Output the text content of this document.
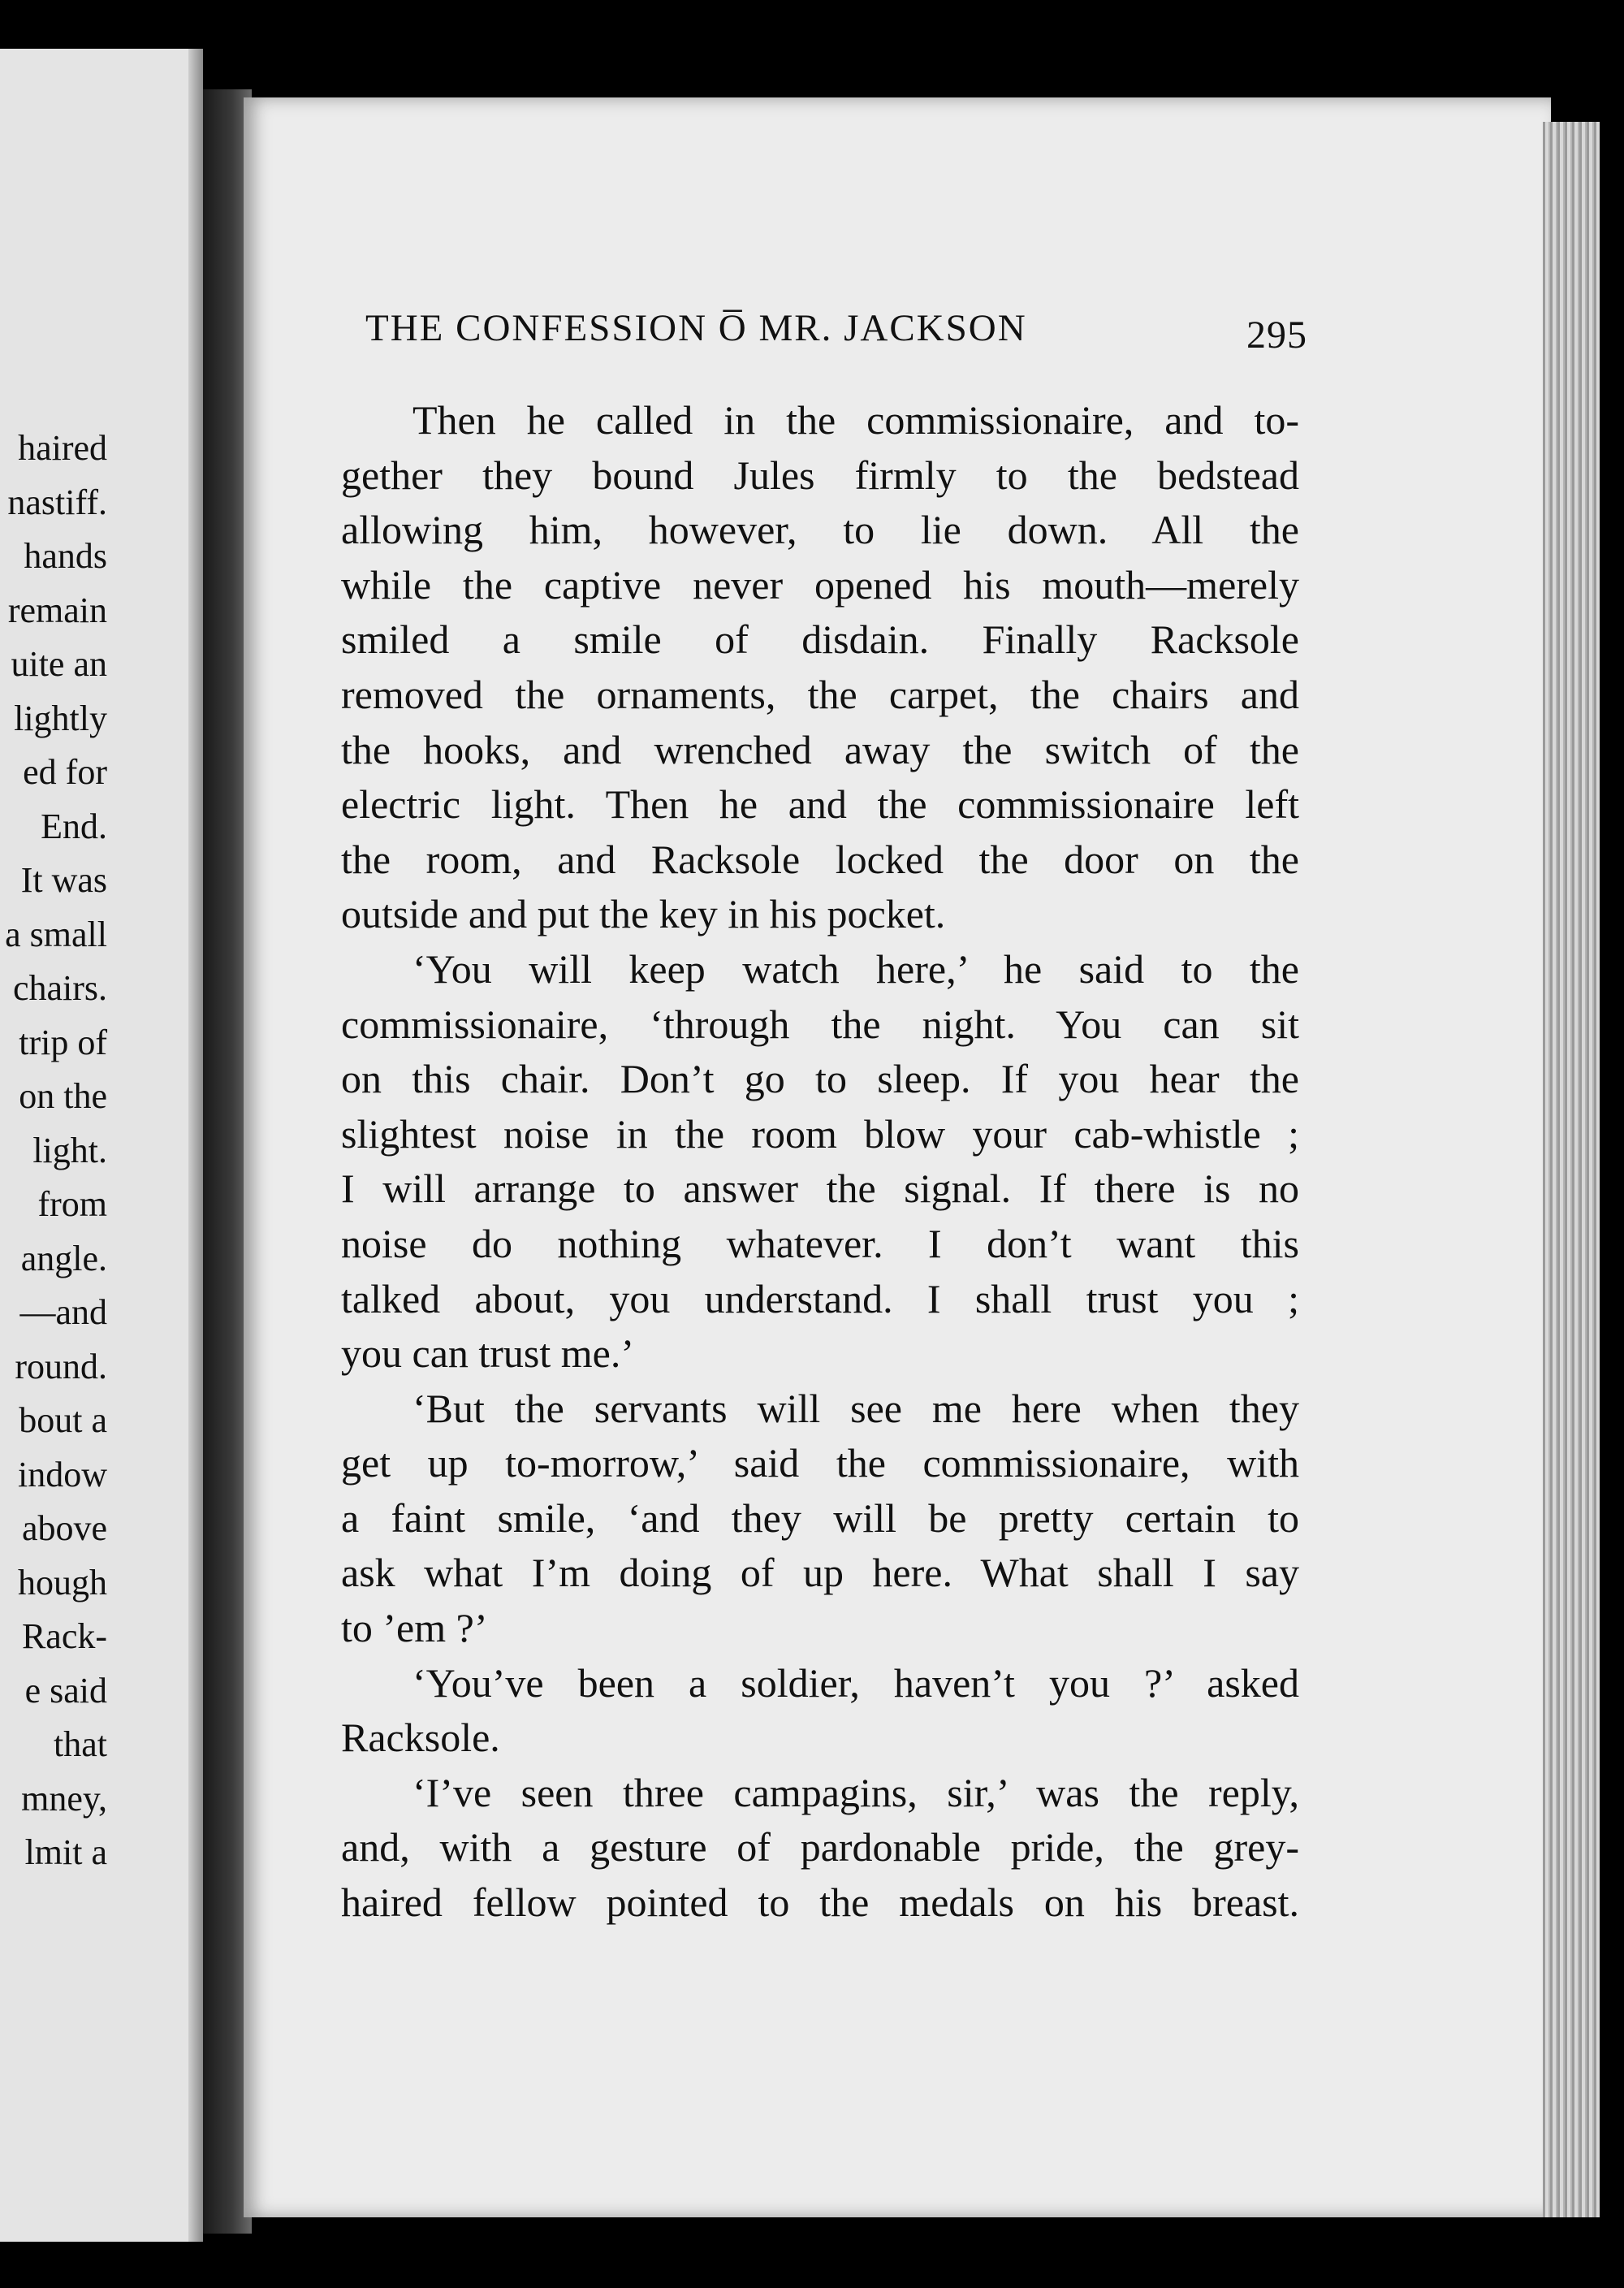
haired
nastiff.
hands
remain
uite an
lightly
ed for
End.
It was
a small
chairs.
trip of
on the
light.
from
angle.
—and
round.
bout a
indow
above
hough
Rack-
e said
that
mney,
lmit a
THE CONFESSION O̅ MR. JACKSON	295
Then he called in the commissionaire, and to-
gether they bound Jules firmly to the bedstead
allowing him, however, to lie down. All the
while the captive never opened his mouth—merely
smiled a smile of disdain. Finally Racksole
removed the ornaments, the carpet, the chairs and
the hooks, and wrenched away the switch of the
electric light. Then he and the commissionaire left
the room, and Racksole locked the door on the
outside and put the key in his pocket.
‘You will keep watch here,’ he said to the
commissionaire, ‘through the night. You can sit
on this chair. Don’t go to sleep. If you hear the
slightest noise in the room blow your cab-whistle ;
I will arrange to answer the signal. If there is no
noise do nothing whatever. I don’t want this
talked about, you understand. I shall trust you ;
you can trust me.’
‘But the servants will see me here when they
get up to-morrow,’ said the commissionaire, with
a faint smile, ‘and they will be pretty certain to
ask what I’m doing of up here. What shall I say
to ’em ?’
‘You’ve been a soldier, haven’t you ?’ asked
Racksole.
‘I’ve seen three campagins, sir,’ was the reply,
and, with a gesture of pardonable pride, the grey-
haired fellow pointed to the medals on his breast.
